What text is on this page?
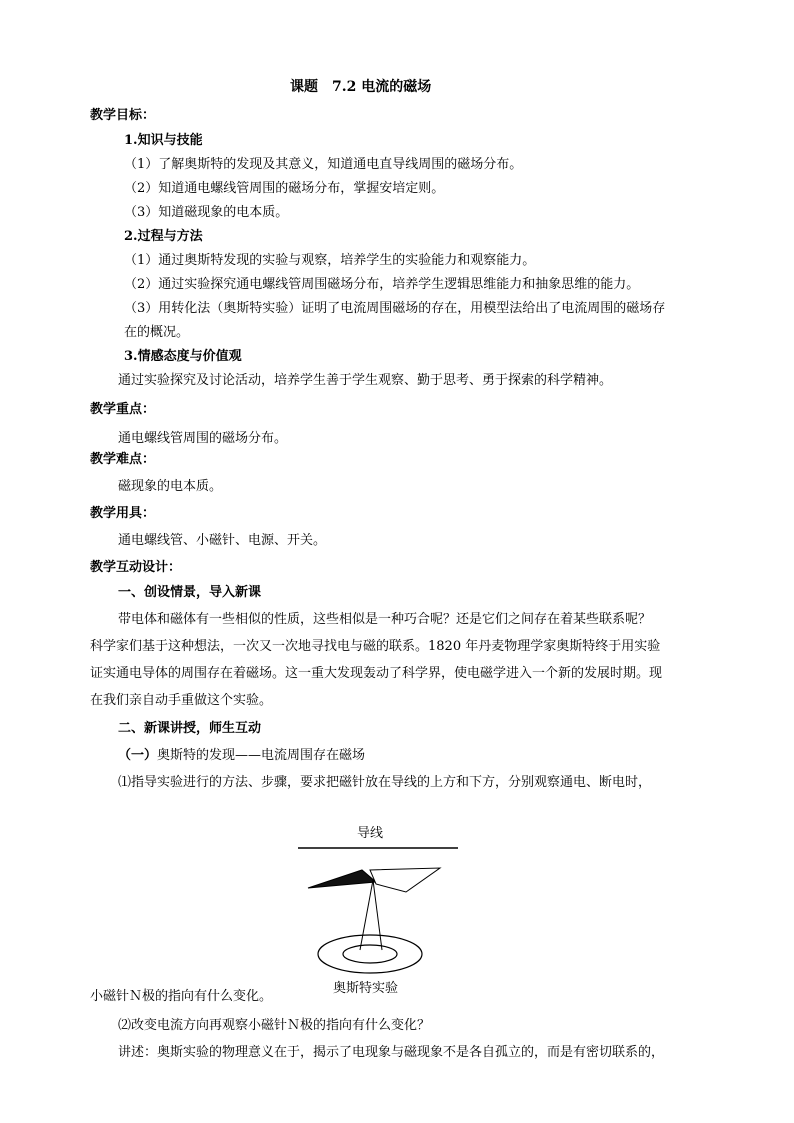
课题　7.2 电流的磁场
教学目标：
1.知识与技能
（1）了解奥斯特的发现及其意义，知道通电直导线周围的磁场分布。
（2）知道通电螺线管周围的磁场分布，掌握安培定则。
（3）知道磁现象的电本质。
2.过程与方法
（1）通过奥斯特发现的实验与观察，培养学生的实验能力和观察能力。
（2）通过实验探究通电螺线管周围磁场分布，培养学生逻辑思维能力和抽象思维的能力。
（3）用转化法（奥斯特实验）证明了电流周围磁场的存在，用模型法给出了电流周围的磁场存
在的概况。
3.情感态度与价值观
通过实验探究及讨论活动，培养学生善于学生观察、勤于思考、勇于探索的科学精神。
教学重点：
通电螺线管周围的磁场分布。
教学难点：
磁现象的电本质。
教学用具：
通电螺线管、小磁针、电源、开关。
教学互动设计：
一、创设情景，导入新课
带电体和磁体有一些相似的性质，这些相似是一种巧合呢？还是它们之间存在着某些联系呢？
科学家们基于这种想法，一次又一次地寻找电与磁的联系。1820 年丹麦物理学家奥斯特终于用实验
证实通电导体的周围存在着磁场。这一重大发现轰动了科学界，使电磁学进入一个新的发展时期。现
在我们亲自动手重做这个实验。
二、新课讲授，师生互动
（一）奥斯特的发现——电流周围存在磁场
⑴指导实验进行的方法、步骤，要求把磁针放在导线的上方和下方，分别观察通电、断电时，
导线
奥斯特实验
小磁针Ｎ极的指向有什么变化。
⑵改变电流方向再观察小磁针Ｎ极的指向有什么变化？
讲述：奥斯实验的物理意义在于，揭示了电现象与磁现象不是各自孤立的，而是有密切联系的，
